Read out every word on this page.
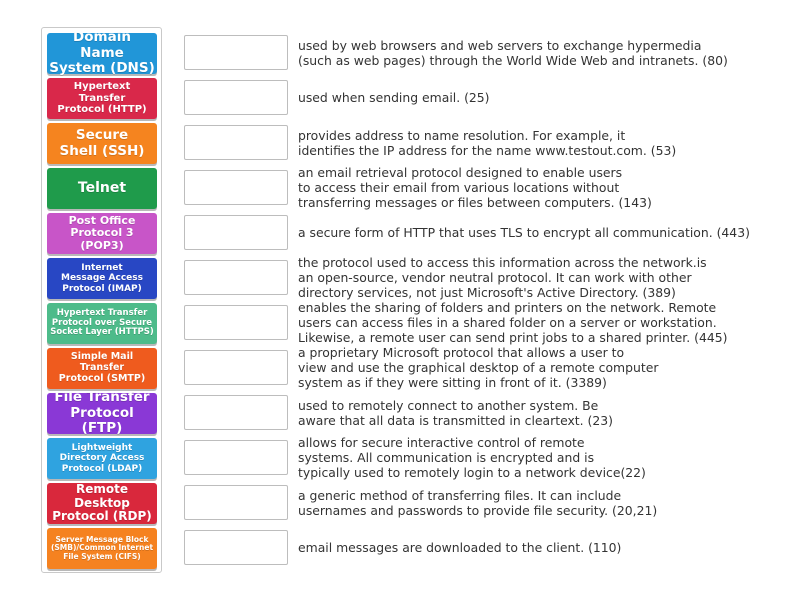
Domain Name
System (DNS)
Hypertext Transfer
Protocol (HTTP)
Secure
Shell (SSH)
Telnet
Post Office
Protocol 3 (POP3)
Internet
Message Access
Protocol (IMAP)
Hypertext Transfer
Protocol over Secure
Socket Layer (HTTPS)
Simple Mail Transfer
Protocol (SMTP)
File Transfer
Protocol (FTP)
Lightweight
Directory Access
Protocol (LDAP)
Remote Desktop
Protocol (RDP)
Server Message Block
(SMB)/Common Internet
File System (CIFS)
used by web browsers and web servers to exchange hypermedia
(such as web pages) through the World Wide Web and intranets. (80)
used when sending email. (25)
provides address to name resolution. For example, it
identifies the IP address for the name www.testout.com. (53)
an email retrieval protocol designed to enable users
to access their email from various locations without
transferring messages or files between computers. (143)
a secure form of HTTP that uses TLS to encrypt all communication. (443)
the protocol used to access this information across the network.is
an open-source, vendor neutral protocol. It can work with other
directory services, not just Microsoft's Active Directory. (389)
enables the sharing of folders and printers on the network. Remote
users can access files in a shared folder on a server or workstation.
Likewise, a remote user can send print jobs to a shared printer. (445)
a proprietary Microsoft protocol that allows a user to
view and use the graphical desktop of a remote computer
system as if they were sitting in front of it. (3389)
used to remotely connect to another system. Be
aware that all data is transmitted in cleartext. (23)
allows for secure interactive control of remote
systems. All communication is encrypted and is
typically used to remotely login to a network device(22)
a generic method of transferring files. It can include
usernames and passwords to provide file security. (20,21)
email messages are downloaded to the client. (110)
